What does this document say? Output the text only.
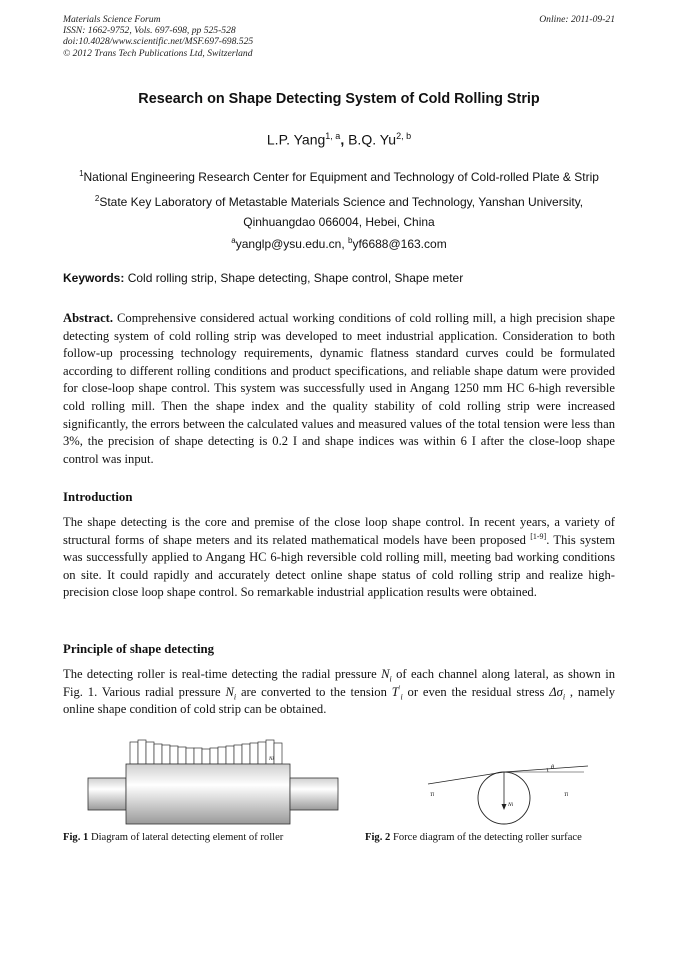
Materials Science Forum
ISSN: 1662-9752, Vols. 697-698, pp 525-528
doi:10.4028/www.scientific.net/MSF.697-698.525
© 2012 Trans Tech Publications Ltd, Switzerland
Online: 2011-09-21
Research on Shape Detecting System of Cold Rolling Strip
L.P. Yang$^{1, a}$, B.Q. Yu$^{2, b}$
$^1$National Engineering Research Center for Equipment and Technology of Cold-rolled Plate & Strip
$^2$State Key Laboratory of Metastable Materials Science and Technology, Yanshan University,
Qinhuangdao 066004, Hebei, China
$^a$yanglp@ysu.edu.cn, $^b$yf6688@163.com
Keywords: Cold rolling strip, Shape detecting, Shape control, Shape meter
Abstract. Comprehensive considered actual working conditions of cold rolling mill, a high precision shape detecting system of cold rolling strip was developed to meet industrial application. Consideration to both follow-up processing technology requirements, dynamic flatness standard curves could be formulated according to different rolling conditions and product specifications, and reliable shape datum were provided for close-loop shape control. This system was successfully used in Angang 1250 mm HC 6-high reversible cold rolling mill. Then the shape index and the quality stability of cold rolling strip were increased significantly, the errors between the calculated values and measured values of the total tension were less than 3%, the precision of shape detecting is 0.2 I and shape indices was within 6 I after the close-loop shape control was input.
Introduction
The shape detecting is the core and premise of the close loop shape control. In recent years, a variety of structural forms of shape meters and its related mathematical models have been proposed [1-9]. This system was successfully applied to Angang HC 6-high reversible cold rolling mill, meeting bad working conditions on site. It could rapidly and accurately detect online shape status of cold rolling strip and realize high-precision close loop shape control. So remarkable industrial application results were obtained.
Principle of shape detecting
The detecting roller is real-time detecting the radial pressure $N_i$ of each channel along lateral, as shown in Fig. 1. Various radial pressure $N_i$ are converted to the tension $T'_i$ or even the residual stress $\Delta\sigma_i$ , namely online shape condition of cold strip can be obtained.
Ni
Ti	Ti
Ni
θ
Fig. 1 Diagram of lateral detecting element of roller	Fig. 2 Force diagram of the detecting roller surface
